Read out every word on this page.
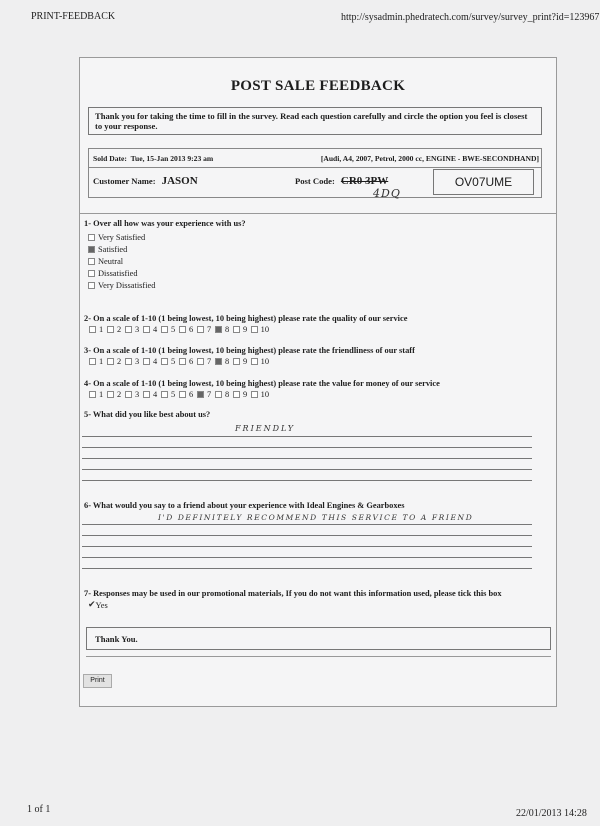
PRINT-FEEDBACK	http://sysadmin.phedratech.com/survey/survey_print?id=123967
POST SALE FEEDBACK
Thank you for taking the time to fill in the survey. Read each question carefully and circle the option you feel is closest to your response.
Sold Date: Tue, 15-Jan 2013 9:23 am	[Audi, A4, 2007, Petrol, 2000 cc, ENGINE - BWE-SECONDHAND]
Customer Name: JASON	Post Code: CR0 3PW
4DQ
OV07UME
1- Over all how was your experience with us?
Very Satisfied
Satisfied
Neutral
Dissatisfied
Very Dissatisfied
2- On a scale of 1-10 (1 being lowest, 10 being highest) please rate the quality of our service
1 2 3 4 5 6 7 8 9 10
3- On a scale of 1-10 (1 being lowest, 10 being highest) please rate the friendliness of our staff
1 2 3 4 5 6 7 8 9 10
4- On a scale of 1-10 (1 being lowest, 10 being highest) please rate the value for money of our service
1 2 3 4 5 6 7 8 9 10
5- What did you like best about us?
FRIENDLY
6- What would you say to a friend about your experience with Ideal Engines & Gearboxes
I'D DEFINITELY RECOMMEND THIS SERVICE TO A FRIEND
7- Responses may be used in our promotional materials, If you do not want this information used, please tick this box
✔ Yes
Thank You.
Print
1 of 1	22/01/2013 14:28
